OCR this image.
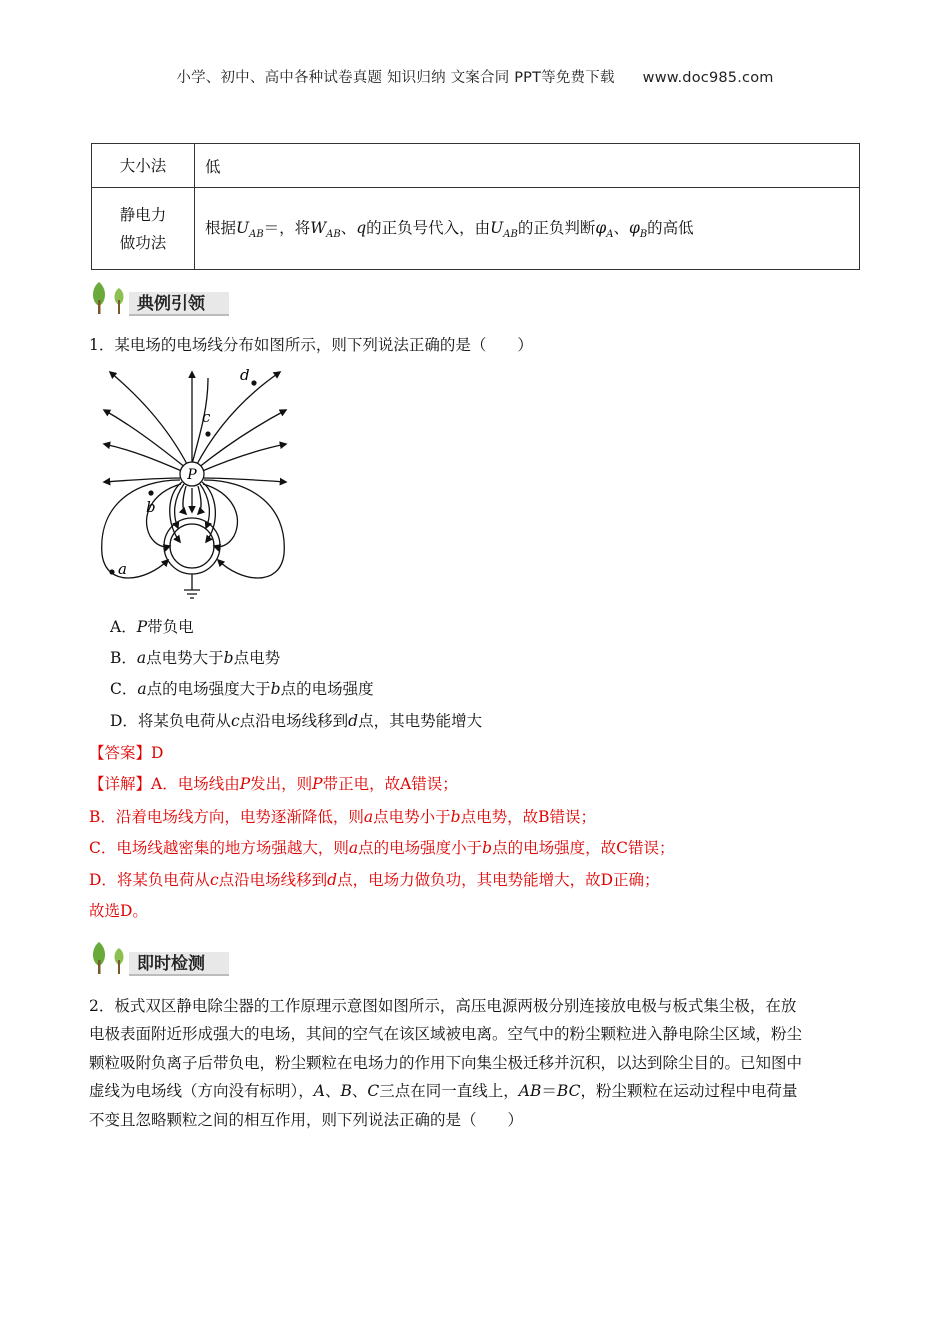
小学、初中、高中各种试卷真题 知识归纳 文案合同 PPT等免费下载 www.doc985.com
大小法	低
静电力
做功法	根据$U_{AB}=$，将$W_{AB}$、q的正负号代入，由$U_{AB}$的正负判断$\varphi_A$、$\varphi_B$的高低
典例引领
1．某电场的电场线分布如图所示，则下列说法正确的是（　　）
P
d
c
b
a
A．P带负电
B．a点电势大于b点电势
C．a点的电场强度大于b点的电场强度
D．将某负电荷从c点沿电场线移到d点，其电势能增大
【答案】D
【详解】A．电场线由P发出，则P带正电，故A错误；
B．沿着电场线方向，电势逐渐降低，则a点电势小于b点电势，故B错误；
C．电场线越密集的地方场强越大，则a点的电场强度小于b点的电场强度，故C错误；
D．将某负电荷从c点沿电场线移到d点，电场力做负功，其电势能增大，故D正确；
故选D。
即时检测
2．板式双区静电除尘器的工作原理示意图如图所示，高压电源两极分别连接放电极与板式集尘极，在放
电极表面附近形成强大的电场，其间的空气在该区域被电离。空气中的粉尘颗粒进入静电除尘区域，粉尘
颗粒吸附负离子后带负电，粉尘颗粒在电场力的作用下向集尘极迁移并沉积，以达到除尘目的。已知图中
虚线为电场线（方向没有标明），A、B、C三点在同一直线上，AB＝BC，粉尘颗粒在运动过程中电荷量
不变且忽略颗粒之间的相互作用，则下列说法正确的是（　　）
